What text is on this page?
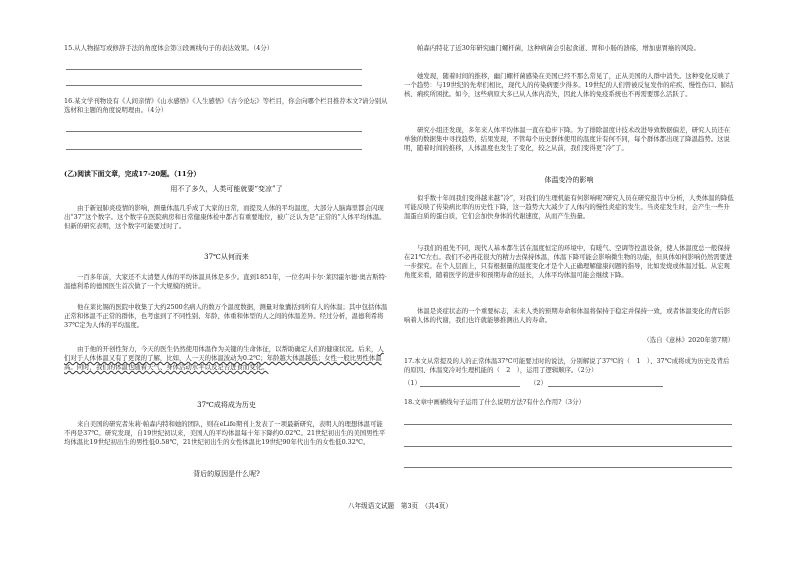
15.从人物描写或修辞手法的角度体会第③段画线句子的表达效果。（4分）
16.某文学刊物设有《人间亲情》《山水感悟》《人生感悟》《古今论坛》等栏目，你会向哪个栏目推荐本文?请分别从选材和主题的角度说明理由。（4分）
(乙)阅读下面文章，完成17-20题。（11分）
用不了多久，人类可能就要“变凉”了
由于新冠肺炎疫情的影响，测量体温几乎成了大家的日常，而提及人体的平均温度，大部分人脑海里都会闪现出“37”这个数字。这个数字在医院病房和日常健康体检中都占有重要地位，被广泛认为是“正常的”人体平均体温。但新的研究表明，这个数字可能要过时了。
37℃从何而来
一百多年前，大家还不太清楚人体的平均体温具体是多少。直到1851年，一位名叫卡尔·莱因霍尔德·奥古斯特·温德利希的德国医生首次做了一个大规模的统计。
他在莱比锡的医院中收集了大约2500名病人的数万个温度数据，测量对象囊括到所有人的体温；其中包括体温正常和体温不正常的群体，也考虑到了不同性别、年龄、体重和体型的人之间的体温差异。经过分析，温德利希将37℃定为人体的平均温度。
由于他的开创性努力，今天的医生仍然使用体温作为关键的生命体征，以帮助确定人们的健康状况。后来，人们对于人体体温又有了更深的了解，比如，人一天的体温波动为0.2℃；年龄越大体温越低；女性一般比男性体温高。同时，我们的体温也随着天气、身体活动水平以及是否进食而变化。
37℃成将成为历史
来自美国的研究者朱莉·帕森内特和她的团队，则在eLife期刊上发表了一项最新研究，表明人的理想体温可能不再是37℃。研究发现，自19世纪初以来，美国人的平均体温每十年下降约0.02℃。21世纪初出生的美国男性平均体温比19世纪初出生的男性低0.58℃，21世纪初出生的女性体温比19世纪90年代出生的女性低0.32℃。
背后的原因是什么呢?
帕森内特花了近30年研究幽门螺杆菌，这种病菌会引起食道、胃和小肠的溃疡，增加患胃癌的风险。
她发现，随着时间的推移，幽门螺杆菌感染在美国已经不那么常见了，正从美国的人群中消失。这种变化反映了一个趋势：与19世纪的先辈们相比，现代人的传染病要少得多。19世纪的人们曾被反复发作的疟疾、慢性伤口、肺结核、痢疾所困扰。如今，这些病原大多已从人体内消失，因此人体的免疫系统也不再需要那么活跃了。
研究小组还发现，多年来人体平均体温一直在稳步下降。为了排除温度计技术改进导致数据偏差，研究人员还在单独的数据集中寻找趋势，结果发现，不管每个历史群体使用的温度计有何不同，每个群体都出现了降温趋势。这说明，随着时间的推移，人体温度也发生了变化，较之从前，我们变得更“冷”了。
体温变冷的影响
似乎数十年间我们变得越来越“冷”，对我们的生理机能有何影响呢?研究人员在研究报告中分析，人类体温的降低可能反映了传染病比率的历史性下降，这一趋势大大减少了人体内的慢性炎症的发生。当炎症发生时，会产生一些升温蛋白质的蛋白质，它们会加快身体的代谢速度，从而产生热量。
与我们的祖先不同，现代人基本都生活在温度恒定的环境中，有暖气、空调等控温设备，使人体温度总一般保持在21℃左右。我们不必再花很大的精力去保持体温，体温下降可能会影响微生物的功能，但具体如何影响仍然需要进一步探究。在个人层面上，只有根据量的温度变化才是个人正确理解健康问题的指导，比如发烧或体温过低。从宏观角度来看，随着医学的进步和预期寿命的延长，人体平均体温可能会继续下降。
体温是炎症状态的一个重要标志，未来人类的预期寿命和体温将保持于稳定并保持一致，或者体温变化的背后影响着人体的代谢，我们也许就能够推测出人的寿命。
（选自《意林》2020年第7期）
17.本文从常提及的人的正常体温37℃可能要过时的说法，分别解说了37℃的（　1　）、37℃成将成为历史及背后的原因、体温变冷对生理机能的（　2　），运用了逻辑顺序。（2分）
（1）	（2）
18.文章中画横线句子运用了什么说明方法?有什么作用?（3分）
八年级语文试题　第3页　（共4页）
